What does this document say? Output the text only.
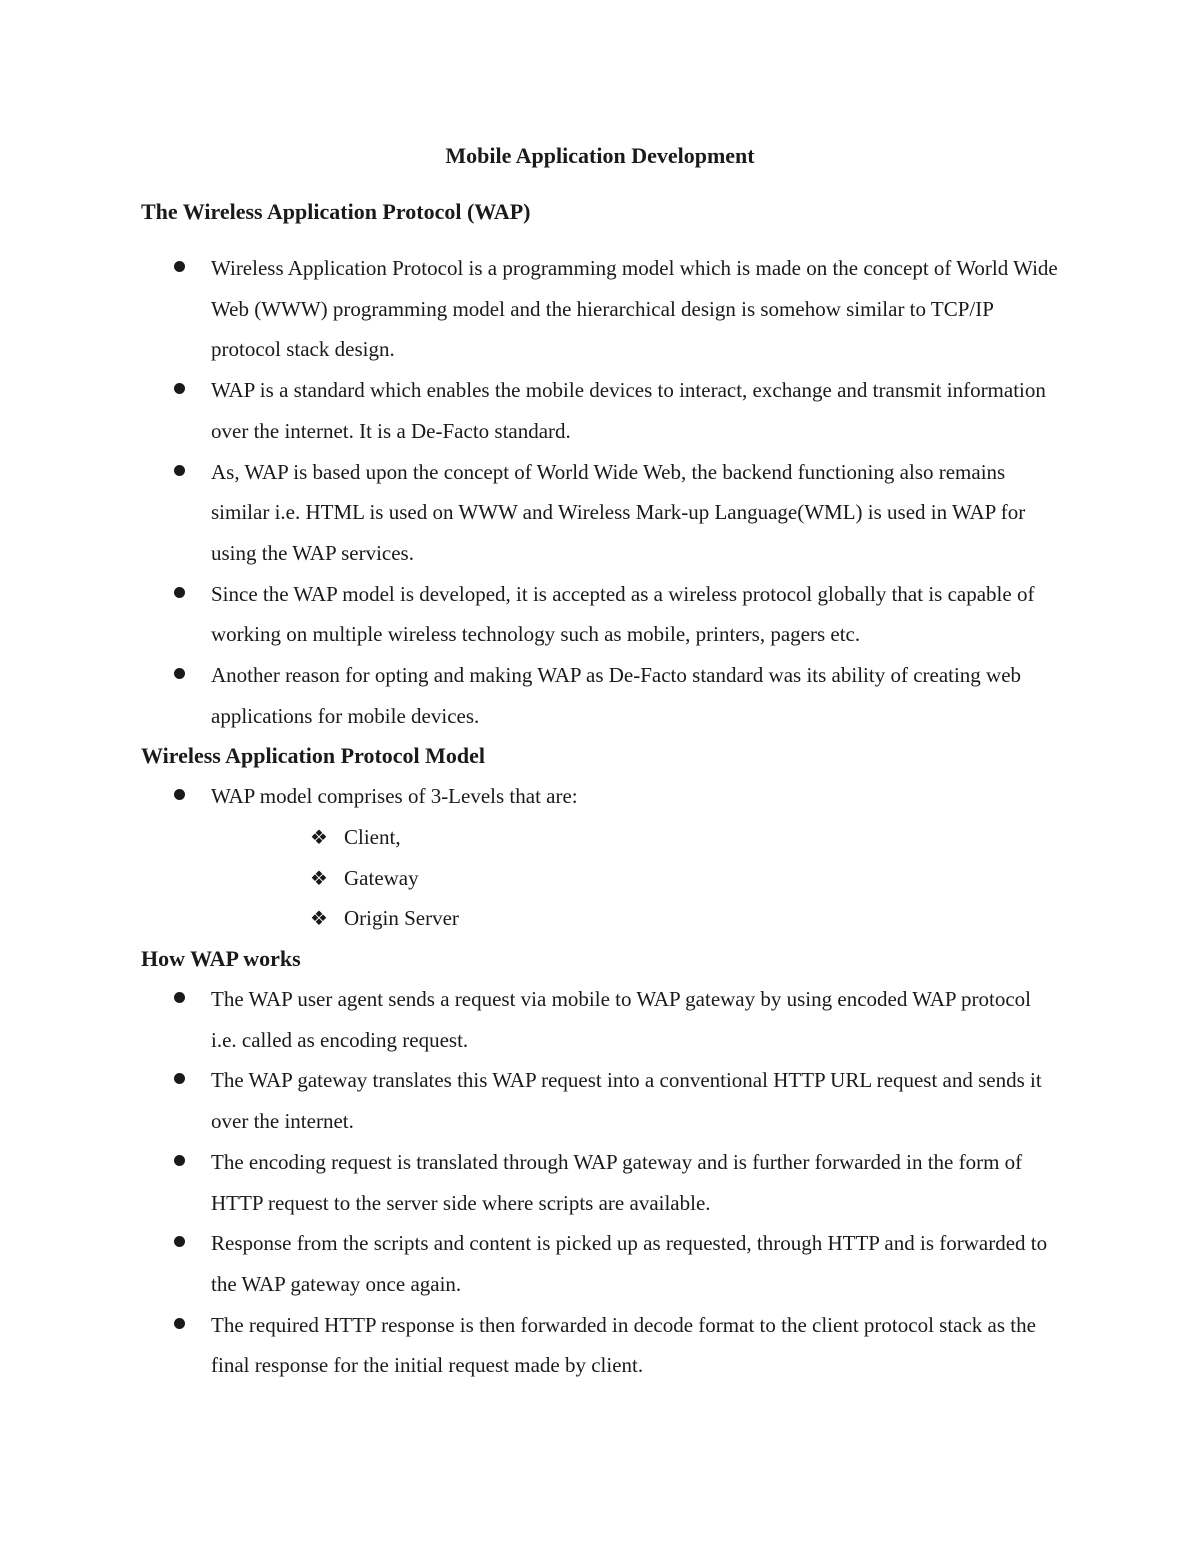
Mobile Application Development
The Wireless Application Protocol (WAP)
Wireless Application Protocol is a programming model which is made on the concept of World Wide Web (WWW) programming model and the hierarchical design is somehow similar to TCP/IP protocol stack design.
WAP is a standard which enables the mobile devices to interact, exchange and transmit information over the internet. It is a De-Facto standard.
As, WAP is based upon the concept of World Wide Web, the backend functioning also remains similar i.e. HTML is used on WWW and Wireless Mark-up Language(WML) is used in WAP for using the WAP services.
Since the WAP model is developed, it is accepted as a wireless protocol globally that is capable of working on multiple wireless technology such as mobile, printers, pagers etc.
Another reason for opting and making WAP as De-Facto standard was its ability of creating web applications for mobile devices.
Wireless Application Protocol Model
WAP model comprises of 3-Levels that are:
❖ Client,
❖ Gateway
❖ Origin Server
How WAP works
The WAP user agent sends a request via mobile to WAP gateway by using encoded WAP protocol i.e. called as encoding request.
The WAP gateway translates this WAP request into a conventional HTTP URL request and sends it over the internet.
The encoding request is translated through WAP gateway and is further forwarded in the form of HTTP request to the server side where scripts are available.
Response from the scripts and content is picked up as requested, through HTTP and is forwarded to the WAP gateway once again.
The required HTTP response is then forwarded in decode format to the client protocol stack as the final response for the initial request made by client.
